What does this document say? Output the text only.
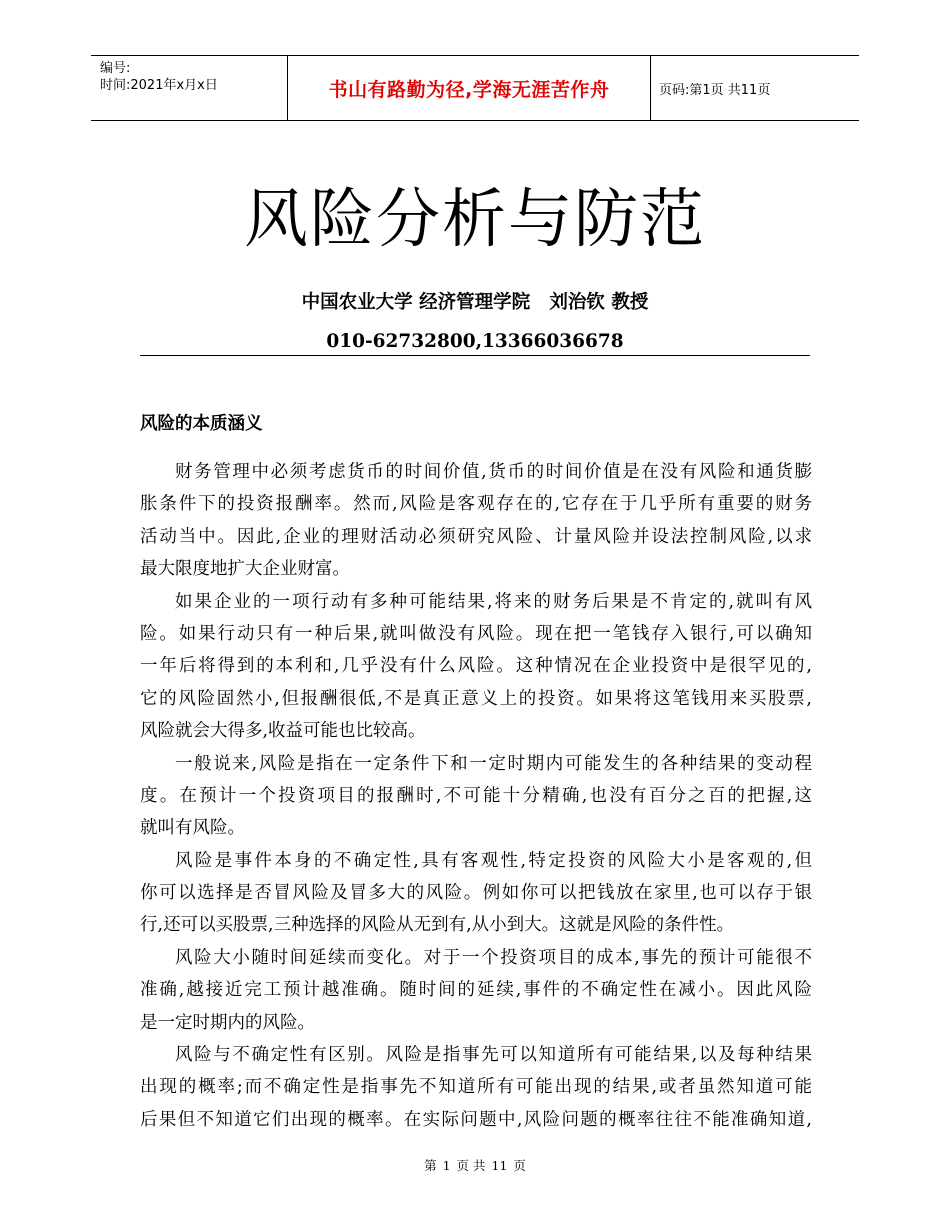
编号:
时间:2021年x月x日	书山有路勤为径,学海无涯苦作舟	页码:第1页 共11页
风险分析与防范
中国农业大学 经济管理学院   刘治钦 教授
010-62732800,13366036678
风险的本质涵义
财务管理中必须考虑货币的时间价值,货币的时间价值是在没有风险和通货膨
胀条件下的投资报酬率。然而,风险是客观存在的,它存在于几乎所有重要的财务
活动当中。因此,企业的理财活动必须研究风险、计量风险并设法控制风险,以求
最大限度地扩大企业财富。
如果企业的一项行动有多种可能结果,将来的财务后果是不肯定的,就叫有风
险。如果行动只有一种后果,就叫做没有风险。现在把一笔钱存入银行,可以确知
一年后将得到的本利和,几乎没有什么风险。这种情况在企业投资中是很罕见的,
它的风险固然小,但报酬很低,不是真正意义上的投资。如果将这笔钱用来买股票,
风险就会大得多,收益可能也比较高。
一般说来,风险是指在一定条件下和一定时期内可能发生的各种结果的变动程
度。在预计一个投资项目的报酬时,不可能十分精确,也没有百分之百的把握,这
就叫有风险。
风险是事件本身的不确定性,具有客观性,特定投资的风险大小是客观的,但
你可以选择是否冒风险及冒多大的风险。例如你可以把钱放在家里,也可以存于银
行,还可以买股票,三种选择的风险从无到有,从小到大。这就是风险的条件性。
风险大小随时间延续而变化。对于一个投资项目的成本,事先的预计可能很不
准确,越接近完工预计越准确。随时间的延续,事件的不确定性在减小。因此风险
是一定时期内的风险。
风险与不确定性有区别。风险是指事先可以知道所有可能结果,以及每种结果
出现的概率;而不确定性是指事先不知道所有可能出现的结果,或者虽然知道可能
后果但不知道它们出现的概率。在实际问题中,风险问题的概率往往不能准确知道,
第 1 页 共 11 页
